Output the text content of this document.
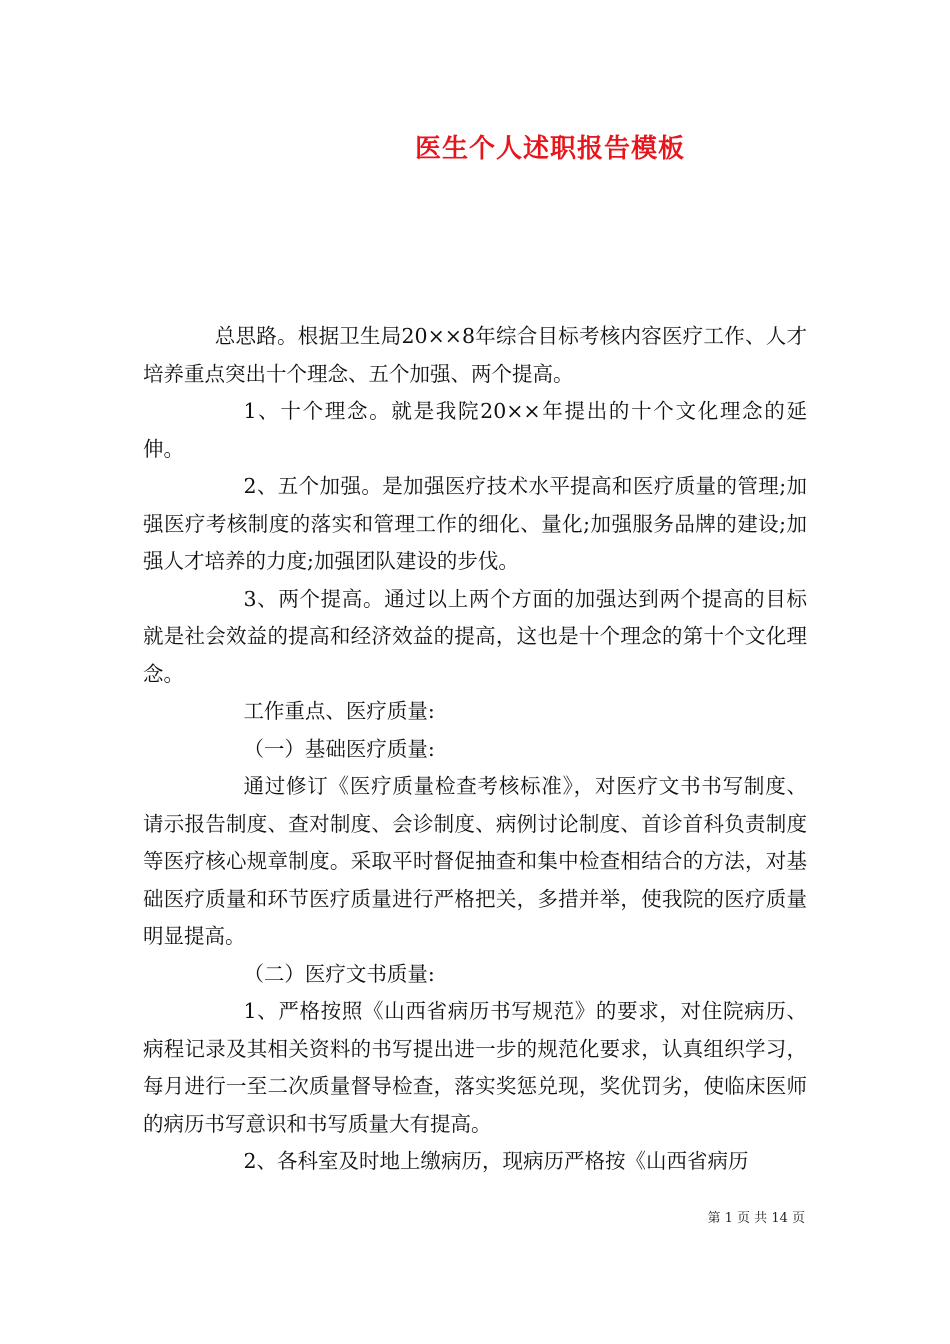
医生个人述职报告模板

总思路。根据卫生局20××8年综合目标考核内容医疗工作、人才培养重点突出十个理念、五个加强、两个提高。

1、十个理念。就是我院20××年提出的十个文化理念的延伸。

2、五个加强。是加强医疗技术水平提高和医疗质量的管理;加强医疗考核制度的落实和管理工作的细化、量化;加强服务品牌的建设;加强人才培养的力度;加强团队建设的步伐。

3、两个提高。通过以上两个方面的加强达到两个提高的目标就是社会效益的提高和经济效益的提高，这也是十个理念的第十个文化理念。

工作重点、医疗质量:

（一）基础医疗质量:

通过修订《医疗质量检查考核标准》，对医疗文书书写制度、请示报告制度、查对制度、会诊制度、病例讨论制度、首诊首科负责制度等医疗核心规章制度。采取平时督促抽查和集中检查相结合的方法，对基础医疗质量和环节医疗质量进行严格把关，多措并举，使我院的医疗质量明显提高。

（二）医疗文书质量:

1、严格按照《山西省病历书写规范》的要求，对住院病历、病程记录及其相关资料的书写提出进一步的规范化要求，认真组织学习，每月进行一至二次质量督导检查，落实奖惩兑现，奖优罚劣，使临床医师的病历书写意识和书写质量大有提高。

2、各科室及时地上缴病历，现病历严格按《山西省病历

第 1 页 共 14 页
